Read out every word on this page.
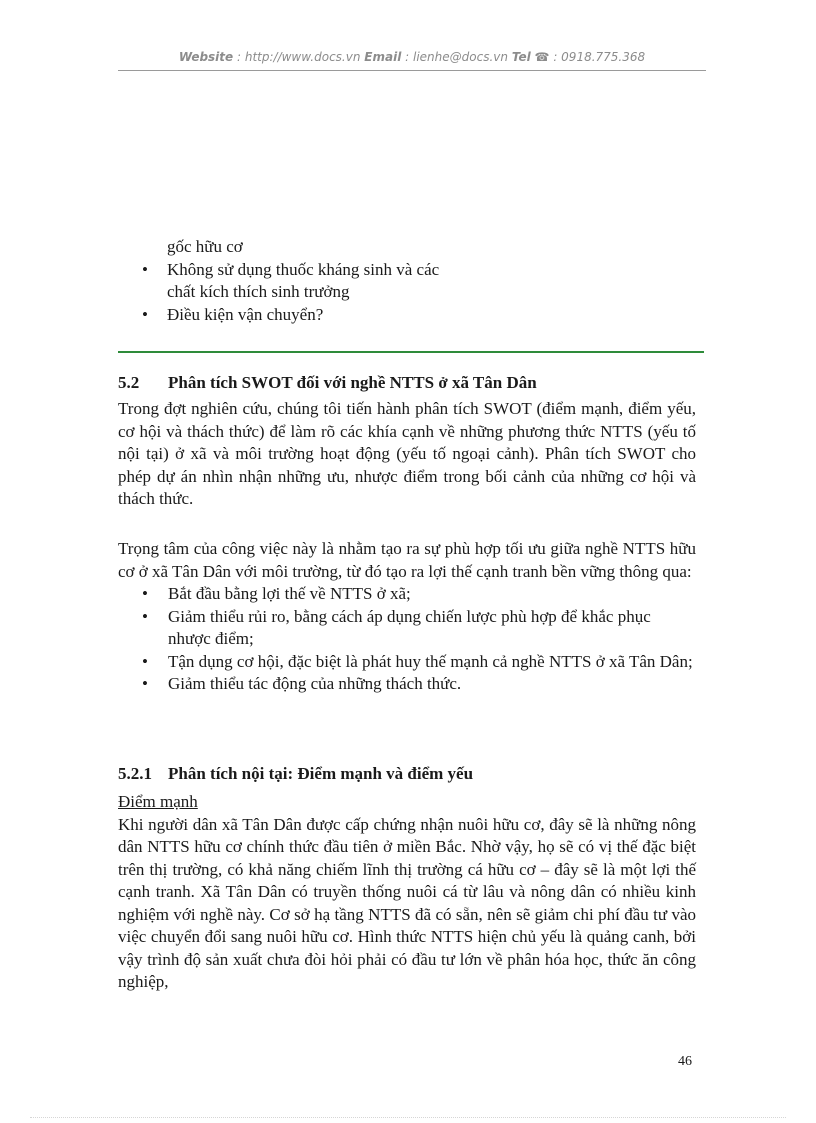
Website : http://www.docs.vn Email : lienhe@docs.vn Tel ☎ : 0918.775.368
gốc hữu cơ
• Không sử dụng thuốc kháng sinh và các chất kích thích sinh trưởng
• Điều kiện vận chuyển?
5.2 Phân tích SWOT đối với nghề NTTS ở xã Tân Dân
Trong đợt nghiên cứu, chúng tôi tiến hành phân tích SWOT (điểm mạnh, điểm yếu, cơ hội và thách thức) để làm rõ các khía cạnh về những phương thức NTTS (yếu tố nội tại) ở xã và môi trường hoạt động (yếu tố ngoại cảnh). Phân tích SWOT cho phép dự án nhìn nhận những ưu, nhược điểm trong bối cảnh của những cơ hội và thách thức.
Trọng tâm của công việc này là nhằm tạo ra sự phù hợp tối ưu giữa nghề NTTS hữu cơ ở xã Tân Dân với môi trường, từ đó tạo ra lợi thế cạnh tranh bền vững thông qua:
• Bắt đầu bằng lợi thế về NTTS ở xã;
• Giảm thiểu rủi ro, bằng cách áp dụng chiến lược phù hợp để khắc phục nhược điểm;
• Tận dụng cơ hội, đặc biệt là phát huy thế mạnh cả nghề NTTS ở xã Tân Dân;
• Giảm thiểu tác động của những thách thức.
5.2.1 Phân tích nội tại: Điểm mạnh và điểm yếu
Điểm mạnh
Khi người dân xã Tân Dân được cấp chứng nhận nuôi hữu cơ, đây sẽ là những nông dân NTTS hữu cơ chính thức đầu tiên ở miền Bắc. Nhờ vậy, họ sẽ có vị thế đặc biệt trên thị trường, có khả năng chiếm lĩnh thị trường cá hữu cơ – đây sẽ là một lợi thế cạnh tranh. Xã Tân Dân có truyền thống nuôi cá từ lâu và nông dân có nhiều kinh nghiệm với nghề này. Cơ sở hạ tầng NTTS đã có sẵn, nên sẽ giảm chi phí đầu tư vào việc chuyển đổi sang nuôi hữu cơ. Hình thức NTTS hiện chủ yếu là quảng canh, bởi vậy trình độ sản xuất chưa đòi hỏi phải có đầu tư lớn về phân hóa học, thức ăn công nghiệp,
46
